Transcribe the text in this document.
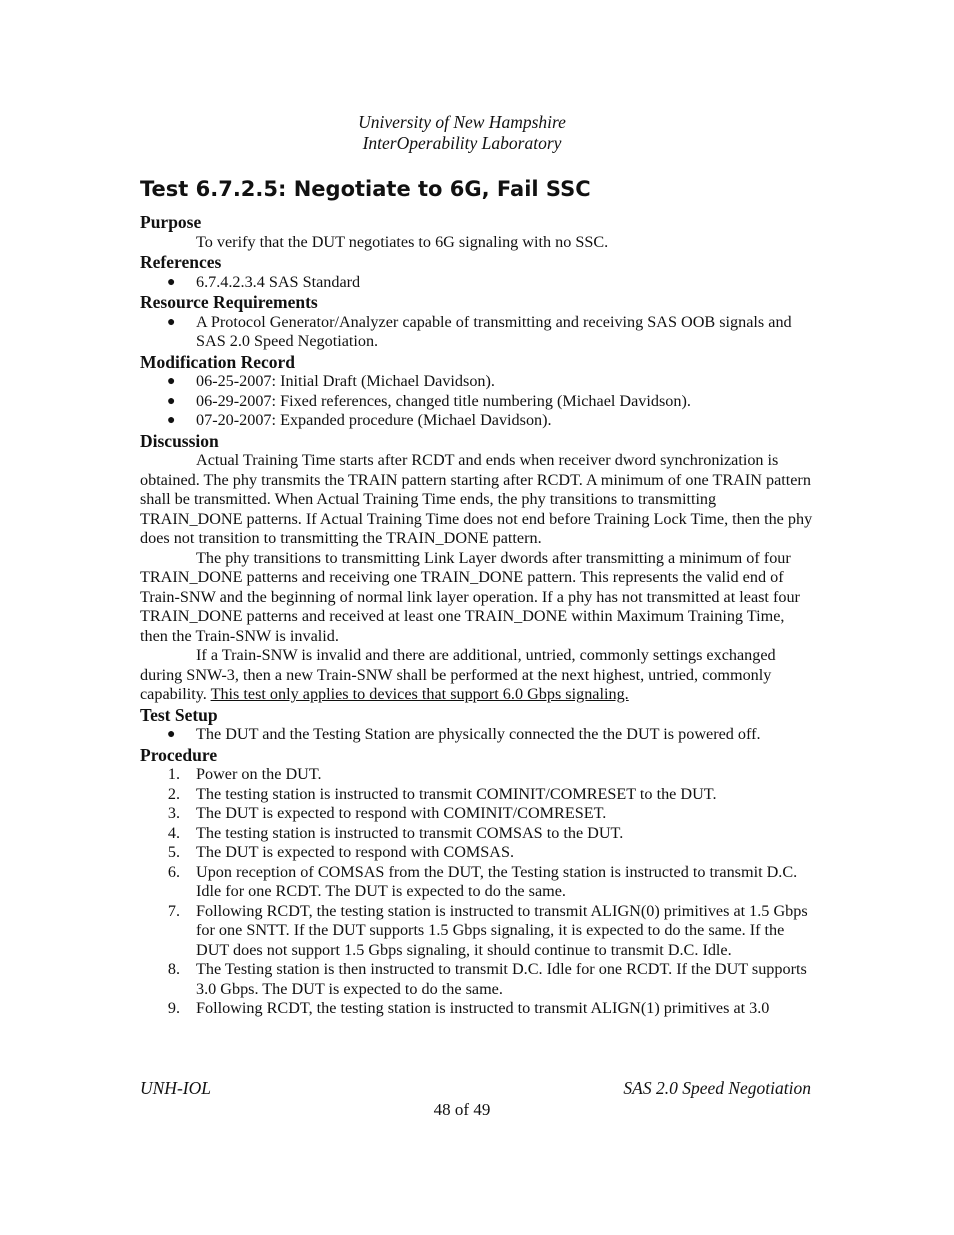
University of New Hampshire
InterOperability Laboratory
Test 6.7.2.5: Negotiate to 6G, Fail SSC
Purpose

To verify that the DUT negotiates to 6G signaling with no SSC.

References
● 6.7.4.2.3.4 SAS Standard
Resource Requirements
● A Protocol Generator/Analyzer capable of transmitting and receiving SAS OOB signals and SAS 2.0 Speed Negotiation.
Modification Record
● 06-25-2007: Initial Draft (Michael Davidson).
● 06-29-2007: Fixed references, changed title numbering (Michael Davidson).
● 07-20-2007: Expanded procedure (Michael Davidson).
Discussion

Actual Training Time starts after RCDT and ends when receiver dword synchronization is obtained. The phy transmits the TRAIN pattern starting after RCDT. A minimum of one TRAIN pattern shall be transmitted. When Actual Training Time ends, the phy transitions to transmitting TRAIN_DONE patterns. If Actual Training Time does not end before Training Lock Time, then the phy does not transition to transmitting the TRAIN_DONE pattern.

The phy transitions to transmitting Link Layer dwords after transmitting a minimum of four TRAIN_DONE patterns and receiving one TRAIN_DONE pattern. This represents the valid end of Train-SNW and the beginning of normal link layer operation. If a phy has not transmitted at least four TRAIN_DONE patterns and received at least one TRAIN_DONE within Maximum Training Time, then the Train-SNW is invalid.

If a Train-SNW is invalid and there are additional, untried, commonly settings exchanged during SNW-3, then a new Train-SNW shall be performed at the next highest, untried, commonly capability. This test only applies to devices that support 6.0 Gbps signaling.

Test Setup
● The DUT and the Testing Station are physically connected the the DUT is powered off.
Procedure
1. Power on the DUT.
2. The testing station is instructed to transmit COMINIT/COMRESET to the DUT.
3. The DUT is expected to respond with COMINIT/COMRESET.
4. The testing station is instructed to transmit COMSAS to the DUT.
5. The DUT is expected to respond with COMSAS.
6. Upon reception of COMSAS from the DUT, the Testing station is instructed to transmit D.C. Idle for one RCDT. The DUT is expected to do the same.
7. Following RCDT, the testing station is instructed to transmit ALIGN(0) primitives at 1.5 Gbps for one SNTT. If the DUT supports 1.5 Gbps signaling, it is expected to do the same. If the DUT does not support 1.5 Gbps signaling, it should continue to transmit D.C. Idle.
8. The Testing station is then instructed to transmit D.C. Idle for one RCDT. If the DUT supports 3.0 Gbps. The DUT is expected to do the same.
9. Following RCDT, the testing station is instructed to transmit ALIGN(1) primitives at 3.0
UNH-IOL	SAS 2.0 Speed Negotiation
48 of 49
